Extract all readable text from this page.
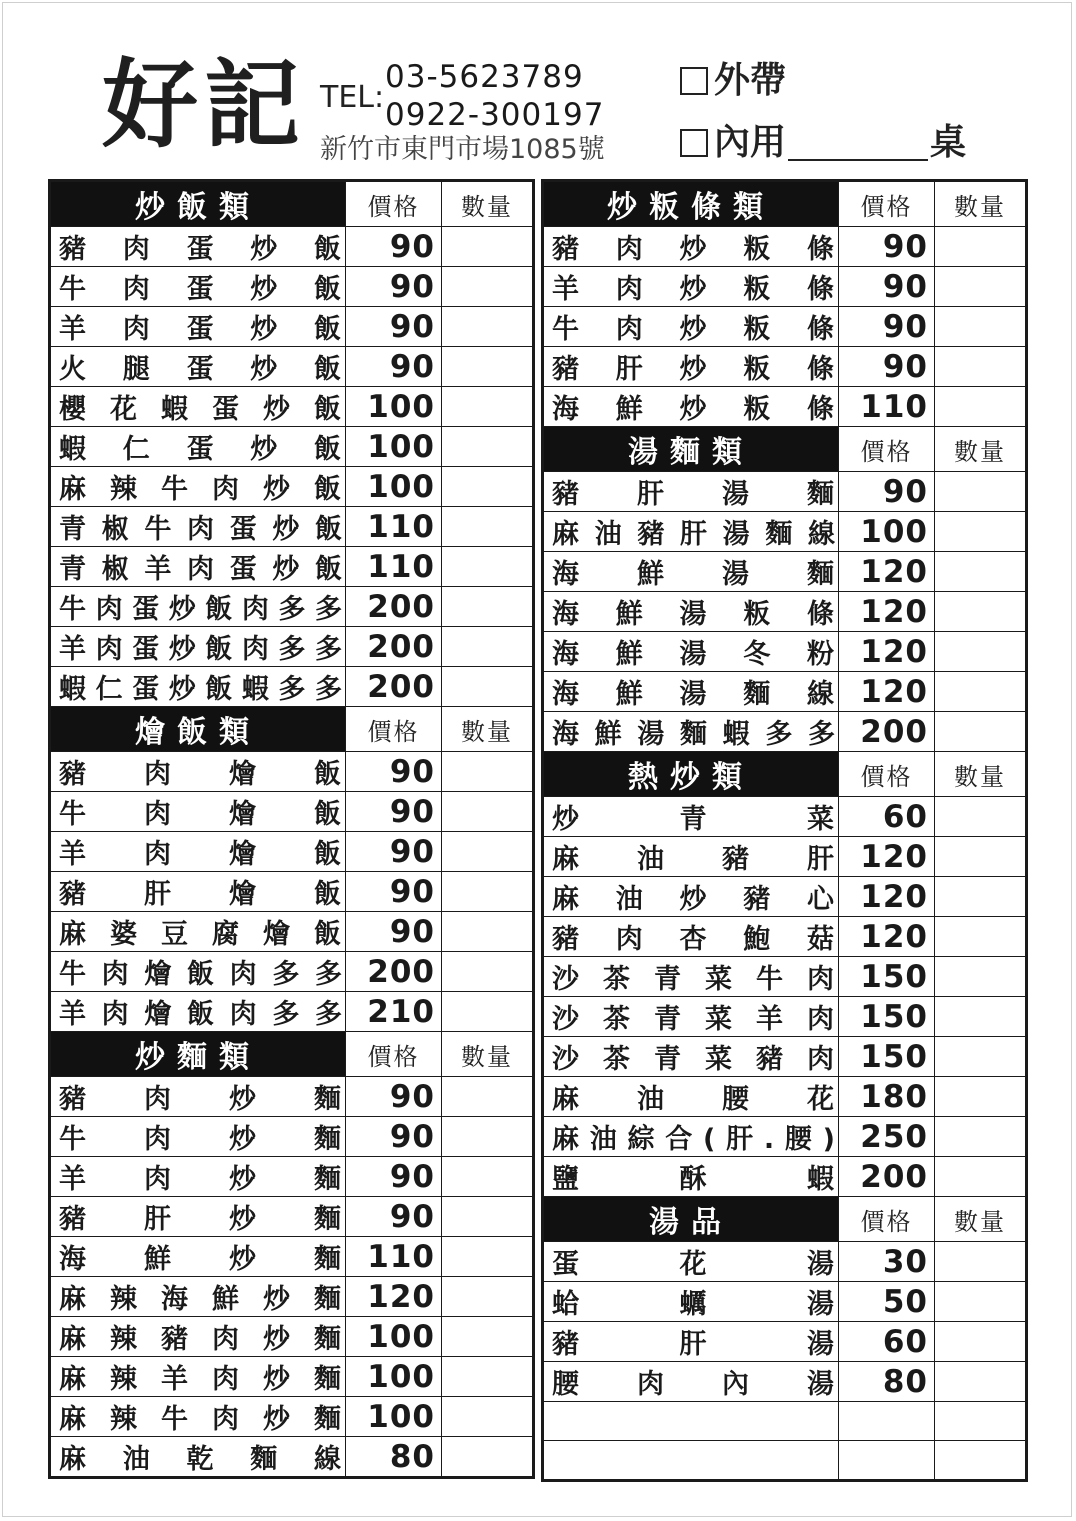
好記 TEL:
03-5623789
0922-300197
新竹市東門市場1085號
外帶
內用	桌
炒飯類	價格	數量
豬肉蛋炒飯	90	
牛肉蛋炒飯	90	
羊肉蛋炒飯	90	
火腿蛋炒飯	90	
櫻花蝦蛋炒飯	100	
蝦仁蛋炒飯	100	
麻辣牛肉炒飯	100	
青椒牛肉蛋炒飯	110	
青椒羊肉蛋炒飯	110	
牛肉蛋炒飯肉多多	200	
羊肉蛋炒飯肉多多	200	
蝦仁蛋炒飯蝦多多	200	
燴飯類	價格	數量
豬肉燴飯	90	
牛肉燴飯	90	
羊肉燴飯	90	
豬肝燴飯	90	
麻婆豆腐燴飯	90	
牛肉燴飯肉多多	200	
羊肉燴飯肉多多	210	
炒麵類	價格	數量
豬肉炒麵	90	
牛肉炒麵	90	
羊肉炒麵	90	
豬肝炒麵	90	
海鮮炒麵	110	
麻辣海鮮炒麵	120	
麻辣豬肉炒麵	100	
麻辣羊肉炒麵	100	
麻辣牛肉炒麵	100	
麻油乾麵線	80	
炒粄條類	價格	數量
豬肉炒粄條	90	
羊肉炒粄條	90	
牛肉炒粄條	90	
豬肝炒粄條	90	
海鮮炒粄條	110	
湯麵類	價格	數量
豬肝湯麵	90	
麻油豬肝湯麵線	100	
海鮮湯麵	120	
海鮮湯粄條	120	
海鮮湯冬粉	120	
海鮮湯麵線	120	
海鮮湯麵蝦多多	200	
熱炒類	價格	數量
炒青菜	60	
麻油豬肝	120	
麻油炒豬心	120	
豬肉杏鮑菇	120	
沙茶青菜牛肉	150	
沙茶青菜羊肉	150	
沙茶青菜豬肉	150	
麻油腰花	180	
麻油綜合(肝.腰)	250	
鹽酥蝦	200	
湯品	價格	數量
蛋花湯	30	
蛤蠣湯	50	
豬肝湯	60	
腰肉內湯	80	
